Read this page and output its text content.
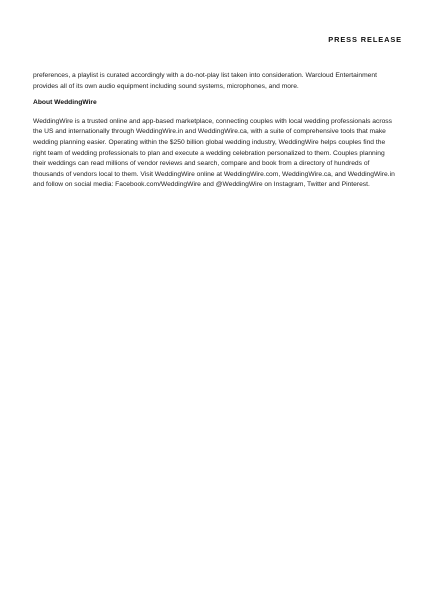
PRESS RELEASE

preferences, a playlist is curated accordingly with a do-not-play list taken into consideration. Warcloud Entertainment provides all of its own audio equipment including sound systems, microphones, and more.

About WeddingWire

WeddingWire is a trusted online and app-based marketplace, connecting couples with local wedding professionals across the US and internationally through WeddingWire.in and WeddingWire.ca, with a suite of comprehensive tools that make wedding planning easier. Operating within the $250 billion global wedding industry, WeddingWire helps couples find the right team of wedding professionals to plan and execute a wedding celebration personalized to them. Couples planning their weddings can read millions of vendor reviews and search, compare and book from a directory of hundreds of thousands of vendors local to them. Visit WeddingWire online at WeddingWire.com, WeddingWire.ca, and WeddingWire.in and follow on social media: Facebook.com/WeddingWire and @WeddingWire on Instagram, Twitter and Pinterest.
